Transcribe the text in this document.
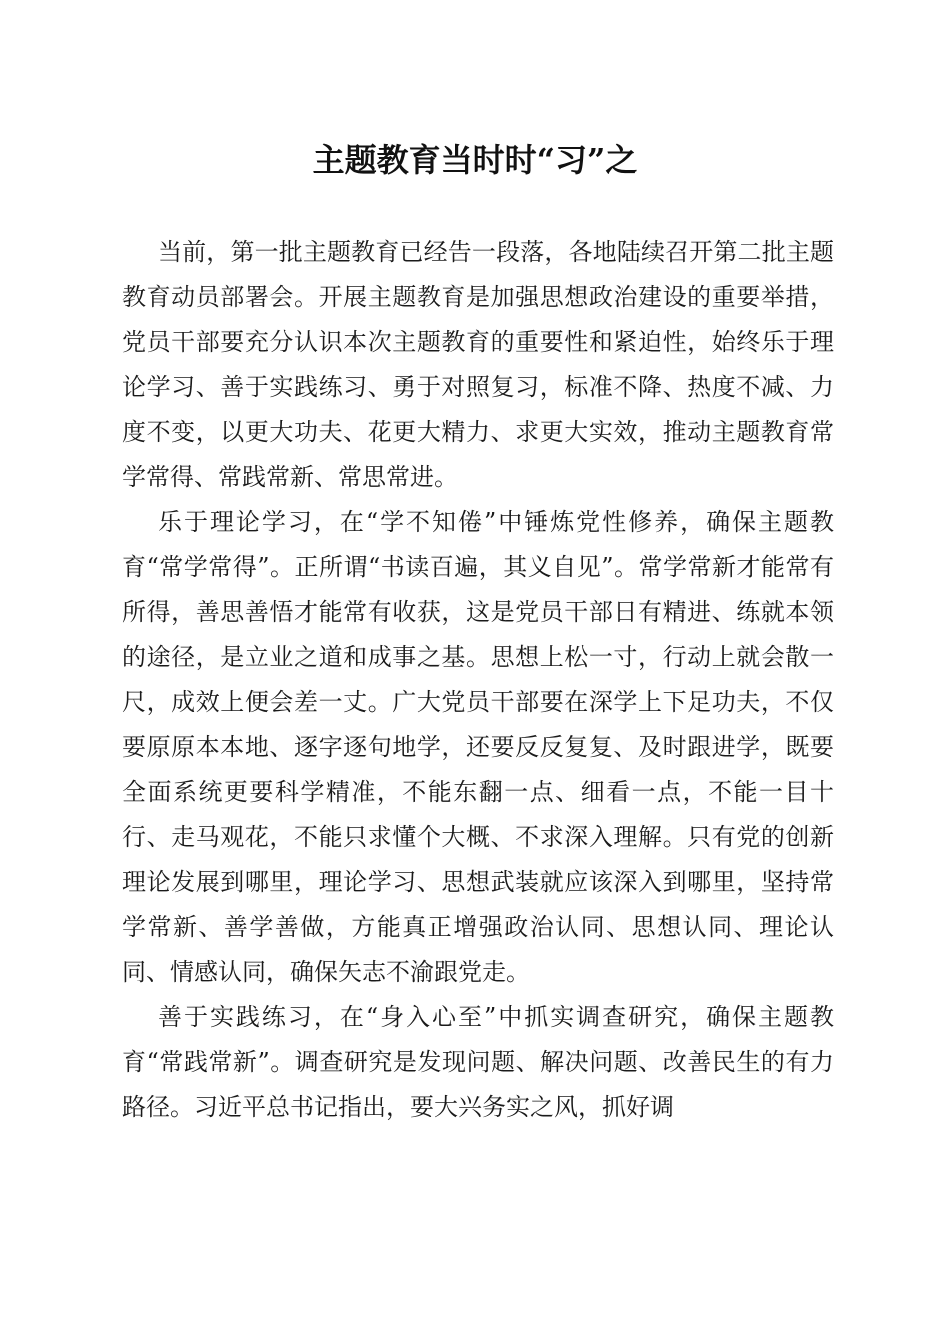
主题教育当时时“习”之

当前，第一批主题教育已经告一段落，各地陆续召开第二批主题教育动员部署会。开展主题教育是加强思想政治建设的重要举措，党员干部要充分认识本次主题教育的重要性和紧迫性，始终乐于理论学习、善于实践练习、勇于对照复习，标准不降、热度不减、力度不变，以更大功夫、花更大精力、求更大实效，推动主题教育常学常得、常践常新、常思常进。

乐于理论学习，在“学不知倦”中锤炼党性修养，确保主题教育“常学常得”。正所谓“书读百遍，其义自见”。常学常新才能常有所得，善思善悟才能常有收获，这是党员干部日有精进、练就本领的途径，是立业之道和成事之基。思想上松一寸，行动上就会散一尺，成效上便会差一丈。广大党员干部要在深学上下足功夫，不仅要原原本本地、逐字逐句地学，还要反反复复、及时跟进学，既要全面系统更要科学精准，不能东翻一点、细看一点，不能一目十行、走马观花，不能只求懂个大概、不求深入理解。只有党的创新理论发展到哪里，理论学习、思想武装就应该深入到哪里，坚持常学常新、善学善做，方能真正增强政治认同、思想认同、理论认同、情感认同，确保矢志不渝跟党走。

善于实践练习，在“身入心至”中抓实调查研究，确保主题教育“常践常新”。调查研究是发现问题、解决问题、改善民生的有力路径。习近平总书记指出，要大兴务实之风，抓好调
